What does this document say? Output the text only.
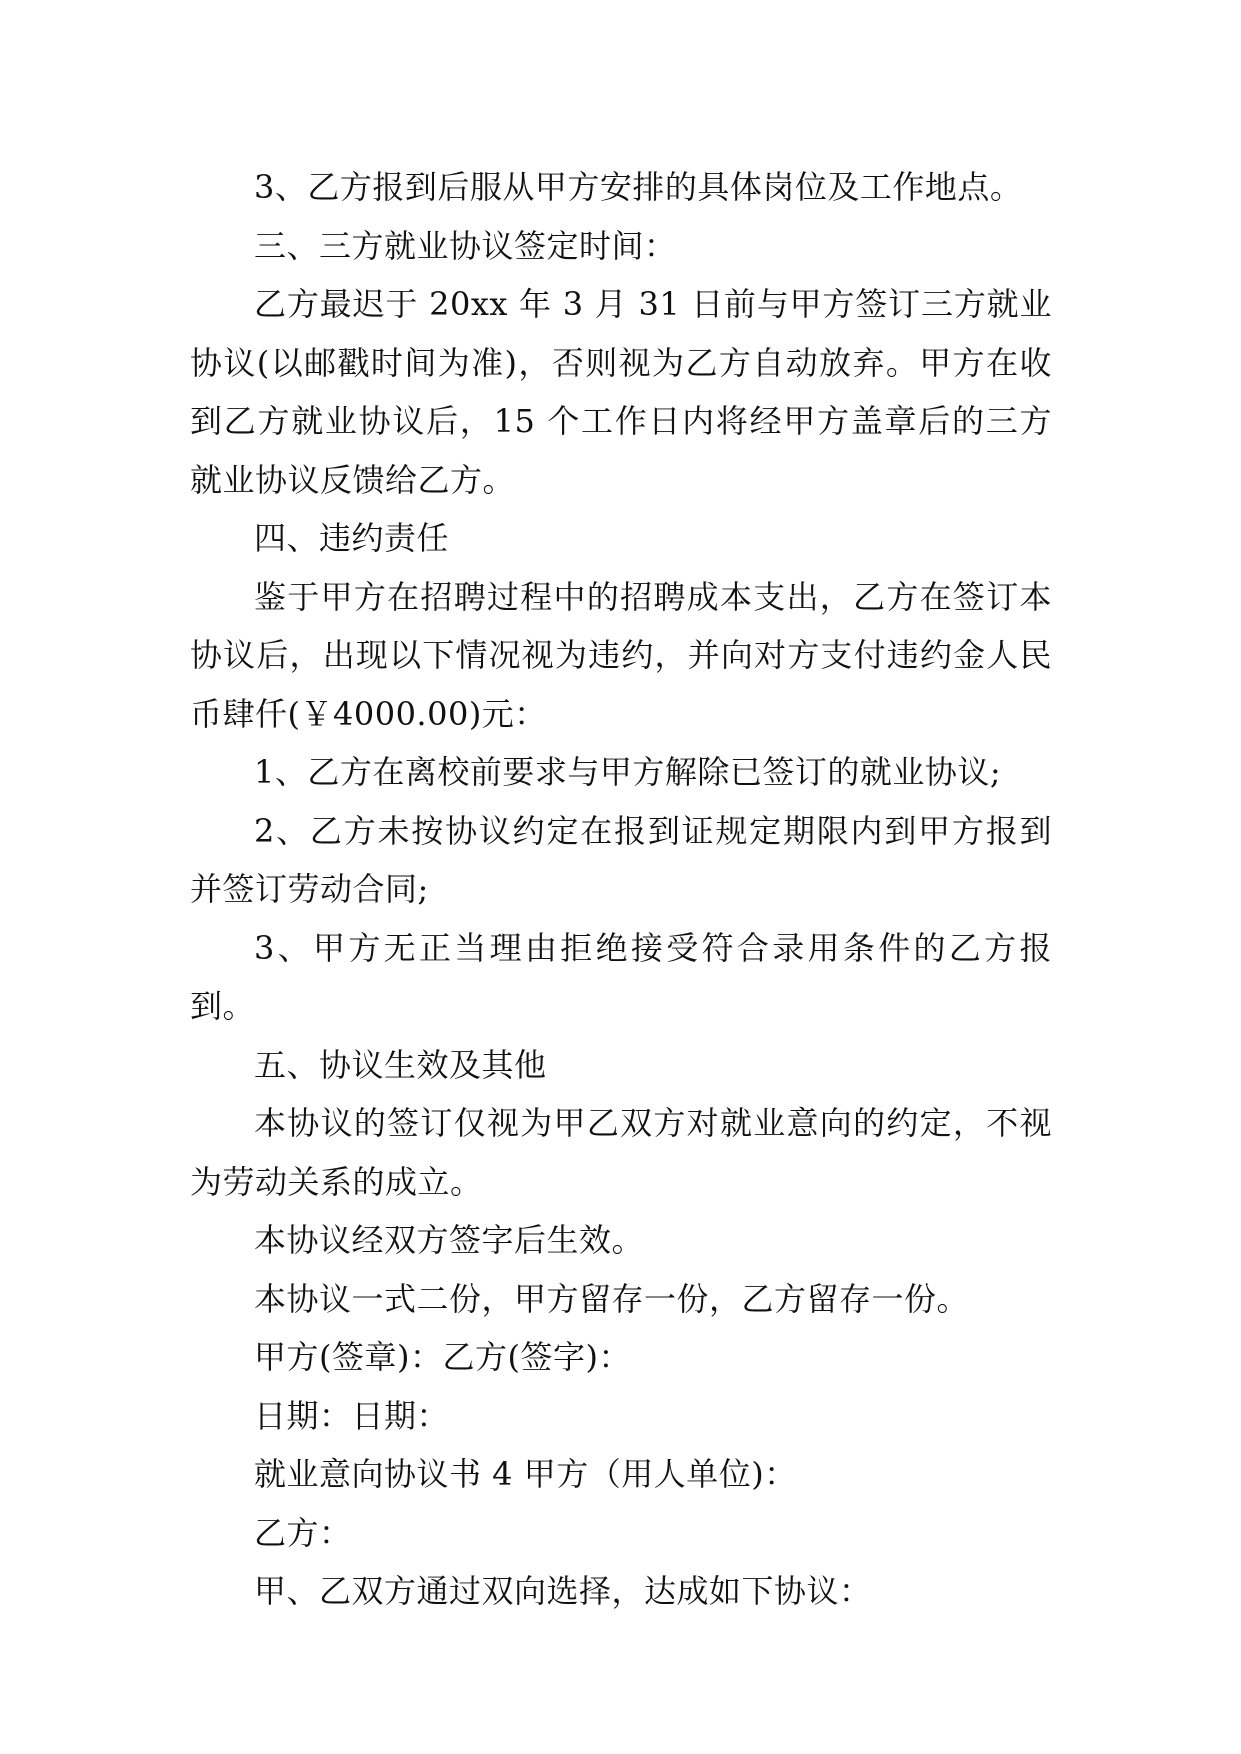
3、乙方报到后服从甲方安排的具体岗位及工作地点。

三、三方就业协议签定时间：

乙方最迟于 20xx 年 3 月 31 日前与甲方签订三方就业协议(以邮戳时间为准)，否则视为乙方自动放弃。甲方在收到乙方就业协议后，15 个工作日内将经甲方盖章后的三方就业协议反馈给乙方。

四、违约责任

鉴于甲方在招聘过程中的招聘成本支出，乙方在签订本协议后，出现以下情况视为违约，并向对方支付违约金人民币肆仟(￥4000.00)元：

1、乙方在离校前要求与甲方解除已签订的就业协议;

2、乙方未按协议约定在报到证规定期限内到甲方报到并签订劳动合同;

3、甲方无正当理由拒绝接受符合录用条件的乙方报到。

五、协议生效及其他

本协议的签订仅视为甲乙双方对就业意向的约定，不视为劳动关系的成立。

本协议经双方签字后生效。

本协议一式二份，甲方留存一份，乙方留存一份。

甲方(签章)：乙方(签字)：

日期：日期：

就业意向协议书 4 甲方（用人单位)：

乙方：

甲、乙双方通过双向选择，达成如下协议：
